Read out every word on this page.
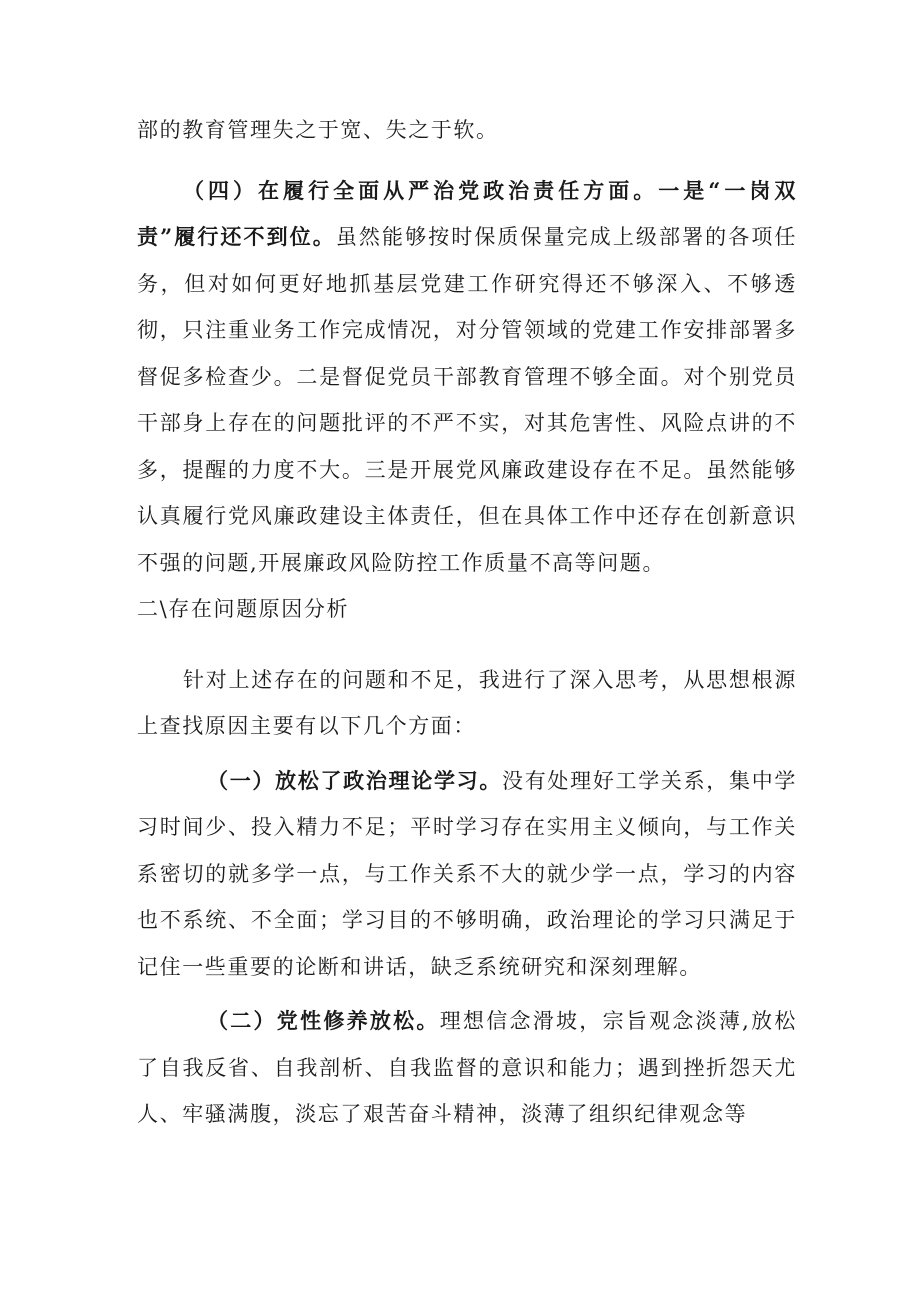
部的教育管理失之于宽、失之于软。

（四）在履行全面从严治党政治责任方面。一是“一岗双责”履行还不到位。虽然能够按时保质保量完成上级部署的各项任务，但对如何更好地抓基层党建工作研究得还不够深入、不够透彻，只注重业务工作完成情况，对分管领域的党建工作安排部署多督促多检查少。二是督促党员干部教育管理不够全面。对个别党员干部身上存在的问题批评的不严不实，对其危害性、风险点讲的不多，提醒的力度不大。三是开展党风廉政建设存在不足。虽然能够认真履行党风廉政建设主体责任，但在具体工作中还存在创新意识不强的问题,开展廉政风险防控工作质量不高等问题。

二\存在问题原因分析

针对上述存在的问题和不足，我进行了深入思考，从思想根源上查找原因主要有以下几个方面：

（一）放松了政治理论学习。没有处理好工学关系，集中学习时间少、投入精力不足；平时学习存在实用主义倾向，与工作关系密切的就多学一点，与工作关系不大的就少学一点，学习的内容也不系统、不全面；学习目的不够明确，政治理论的学习只满足于记住一些重要的论断和讲话，缺乏系统研究和深刻理解。

（二）党性修养放松。理想信念滑坡，宗旨观念淡薄,放松了自我反省、自我剖析、自我监督的意识和能力；遇到挫折怨天尤人、牢骚满腹，淡忘了艰苦奋斗精神，淡薄了组织纪律观念等
